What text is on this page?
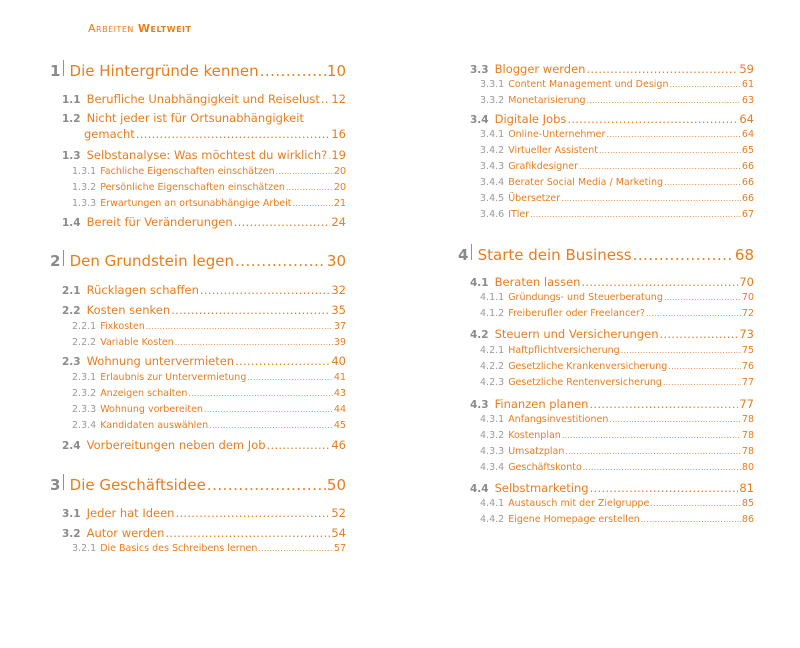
Arbeiten Weltweit
1 Die Hintergründe kennen .....	10
1.1 Berufliche Unabhängigkeit und Reiselust ..... 12
1.2 Nicht jeder ist für Ortsunabhängigkeit
gemacht .....	16
1.3 Selbstanalyse: Was möchtest du wirklich? ..... 19
1.3.1 Fachliche Eigenschaften einschätzen .....	20
1.3.2 Persönliche Eigenschaften einschätzen .....	20
1.3.3 Erwartungen an ortsunabhängige Arbeit .....	21
1.4 Bereit für Veränderungen .....	24
2 Den Grundstein legen .....	30
2.1 Rücklagen schaffen .....	32
2.2 Kosten senken .....	35
2.2.1 Fixkosten .....	37
2.2.2 Variable Kosten .....	39
2.3 Wohnung untervermieten .....	40
2.3.1 Erlaubnis zur Untervermietung .....	41
2.3.2 Anzeigen schalten .....	43
2.3.3 Wohnung vorbereiten .....	44
2.3.4 Kandidaten auswählen .....	45
2.4 Vorbereitungen neben dem Job .....	46
3 Die Geschäftsidee .....	50
3.1 Jeder hat Ideen .....	52
3.2 Autor werden .....	54
3.2.1 Die Basics des Schreibens lernen .....	57
3.3 Blogger werden .....	59
3.3.1 Content Management und Design .....	61
3.3.2 Monetarisierung .....	63
3.4 Digitale Jobs .....	64
3.4.1 Online-Unternehmer .....	64
3.4.2 Virtueller Assistent .....	65
3.4.3 Grafikdesigner .....	66
3.4.4 Berater Social Media / Marketing .....	66
3.4.5 Übersetzer .....	66
3.4.6 ITler .....	67
4 Starte dein Business .....	68
4.1 Beraten lassen .....	70
4.1.1 Gründungs- und Steuerberatung .....	70
4.1.2 Freiberufler oder Freelancer? .....	72
4.2 Steuern und Versicherungen .....	73
4.2.1 Haftpflichtversicherung .....	75
4.2.2 Gesetzliche Krankenversicherung .....	76
4.2.3 Gesetzliche Rentenversicherung .....	77
4.3 Finanzen planen .....	77
4.3.1 Anfangsinvestitionen .....	78
4.3.2 Kostenplan .....	78
4.3.3 Umsatzplan .....	78
4.3.4 Geschäftskonto .....	80
4.4 Selbstmarketing .....	81
4.4.1 Austausch mit der Zielgruppe .....	85
4.4.2 Eigene Homepage erstellen .....	86
